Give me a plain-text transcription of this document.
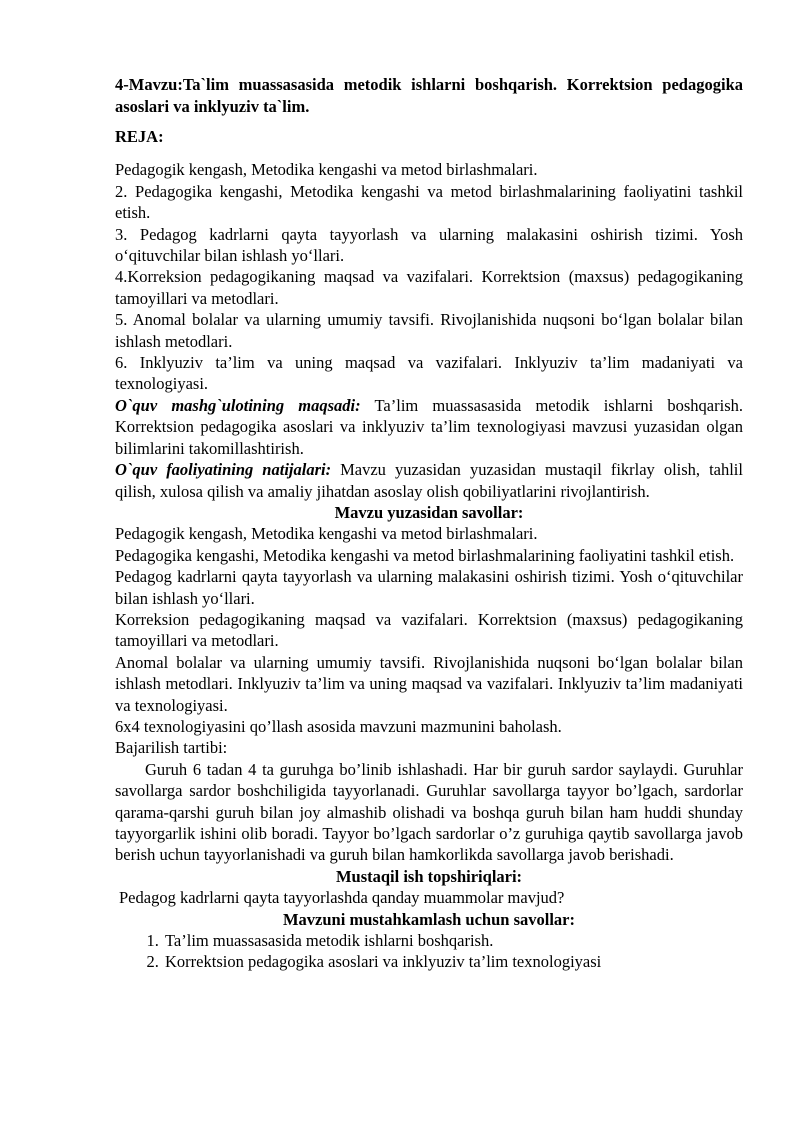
4-Mavzu:Ta`lim muassasasida metodik ishlarni boshqarish. Korrektsion pedagogika asoslari va inklyuziv ta`lim.

REJA:

Pedagogik kengash, Metodika kengashi va metod birlashmalari.

2. Pedagogika kengashi, Metodika kengashi va metod birlashmalarining faoliyatini tashkil etish.

3. Pedagog kadrlarni qayta tayyorlash va ularning malakasini oshirish tizimi. Yosh o‘qituvchilar bilan ishlash yo‘llari.

4.Korreksion pedagogikaning maqsad va vazifalari. Korrektsion (maxsus) pedagogikaning tamoyillari va metodlari.

5. Anomal bolalar va ularning umumiy tavsifi. Rivojlanishida nuqsoni bo‘lgan bolalar bilan ishlash metodlari.

6. Inklyuziv ta’lim va uning maqsad va vazifalari. Inklyuziv ta’lim madaniyati va texnologiyasi.

O`quv mashg`ulotining maqsadi: Ta’lim muassasasida metodik ishlarni boshqarish. Korrektsion pedagogika asoslari va inklyuziv ta’lim texnologiyasi mavzusi yuzasidan olgan bilimlarini takomillashtirish.

O`quv faoliyatining natijalari: Mavzu yuzasidan yuzasidan mustaqil fikrlay olish, tahlil qilish, xulosa qilish va amaliy jihatdan asoslay olish qobiliyatlarini rivojlantirish.

Mavzu yuzasidan savollar:

Pedagogik kengash, Metodika kengashi va metod birlashmalari.

Pedagogika kengashi, Metodika kengashi va metod birlashmalarining faoliyatini tashkil etish.

Pedagog kadrlarni qayta tayyorlash va ularning malakasini oshirish tizimi. Yosh o‘qituvchilar bilan ishlash yo‘llari.

Korreksion pedagogikaning maqsad va vazifalari. Korrektsion (maxsus) pedagogikaning tamoyillari va metodlari.

Anomal bolalar va ularning umumiy tavsifi. Rivojlanishida nuqsoni bo‘lgan bolalar bilan ishlash metodlari. Inklyuziv ta’lim va uning maqsad va vazifalari. Inklyuziv ta’lim madaniyati va texnologiyasi.

6x4 texnologiyasini qo’llash asosida mavzuni mazmunini baholash.

Bajarilish tartibi:

Guruh 6 tadan 4 ta guruhga bo’linib ishlashadi. Har bir guruh sardor saylaydi. Guruhlar savollarga sardor boshchiligida tayyorlanadi. Guruhlar savollarga tayyor bo’lgach, sardorlar qarama-qarshi guruh bilan joy almashib olishadi va boshqa guruh bilan ham huddi shunday tayyorgarlik ishini olib boradi. Tayyor bo’lgach sardorlar o’z guruhiga qaytib savollarga javob berish uchun tayyorlanishadi va guruh bilan hamkorlikda savollarga javob berishadi.

Mustaqil ish topshiriqlari:

Pedagog kadrlarni qayta tayyorlashda qanday muammolar mavjud?

Mavzuni mustahkamlash uchun savollar:

1. Ta’lim muassasasida metodik ishlarni boshqarish.
2. Korrektsion pedagogika asoslari va inklyuziv ta’lim texnologiyasi
